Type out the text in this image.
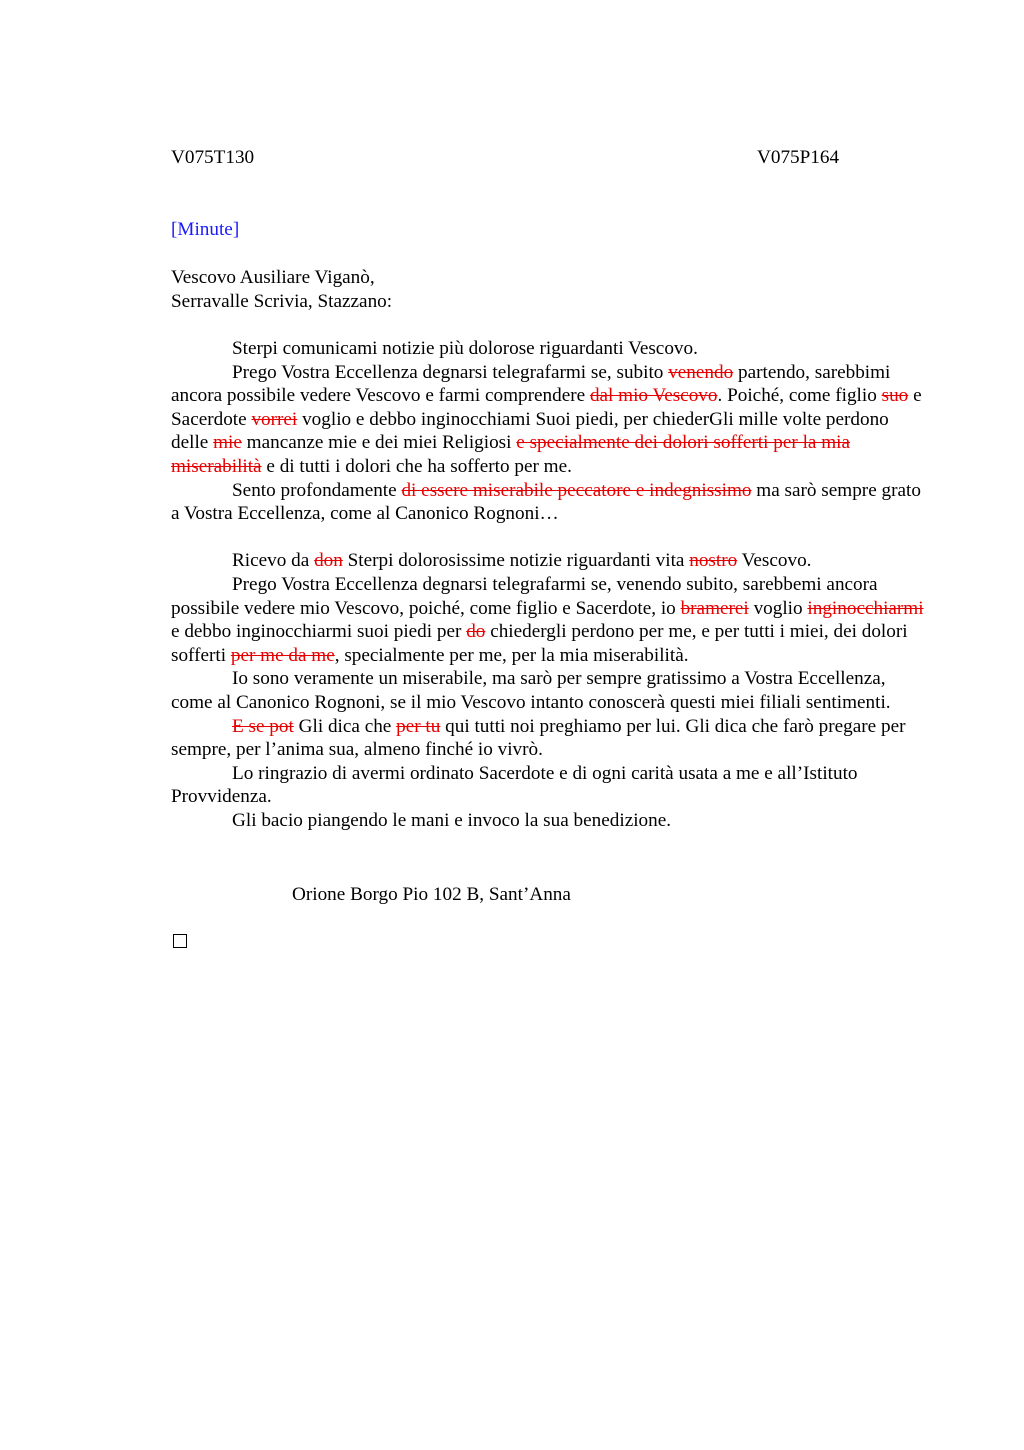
V075T130	V075P164
[Minute]
Vescovo Ausiliare Viganò,
Serravalle Scrivia, Stazzano:

Sterpi comunicami notizie più dolorose riguardanti Vescovo.

Prego Vostra Eccellenza degnarsi telegrafarmi se, subito venendo partendo, sarebbimi ancora possibile vedere Vescovo e farmi comprendere dal mio Vescovo. Poiché, come figlio suo e Sacerdote vorrei voglio e debbo inginocchiami Suoi piedi, per chiederGli mille volte perdono delle mie mancanze mie e dei miei Religiosi e specialmente dei dolori sofferti per la mia miserabilità e di tutti i dolori che ha sofferto per me.

Sento profondamente di essere miserabile peccatore e indegnissimo ma sarò sempre grato a Vostra Eccellenza, come al Canonico Rognoni…

Ricevo da don Sterpi dolorosissime notizie riguardanti vita nostro Vescovo.

Prego Vostra Eccellenza degnarsi telegrafarmi se, venendo subito, sarebbemi ancora possibile vedere mio Vescovo, poiché, come figlio e Sacerdote, io bramerei voglio inginocchiarmi e debbo inginocchiarmi suoi piedi per do chiedergli perdono per me, e per tutti i miei, dei dolori sofferti per me da me, specialmente per me, per la mia miserabilità.

Io sono veramente un miserabile, ma sarò per sempre gratissimo a Vostra Eccellenza, come al Canonico Rognoni, se il mio Vescovo intanto conoscerà questi miei filiali sentimenti.

E se pot Gli dica che per tu qui tutti noi preghiamo per lui. Gli dica che farò pregare per sempre, per l’anima sua, almeno finché io vivrò.

Lo ringrazio di avermi ordinato Sacerdote e di ogni carità usata a me e all’Istituto Provvidenza.

Gli bacio piangendo le mani e invoco la sua benedizione.

Orione Borgo Pio 102 B, Sant’Anna
